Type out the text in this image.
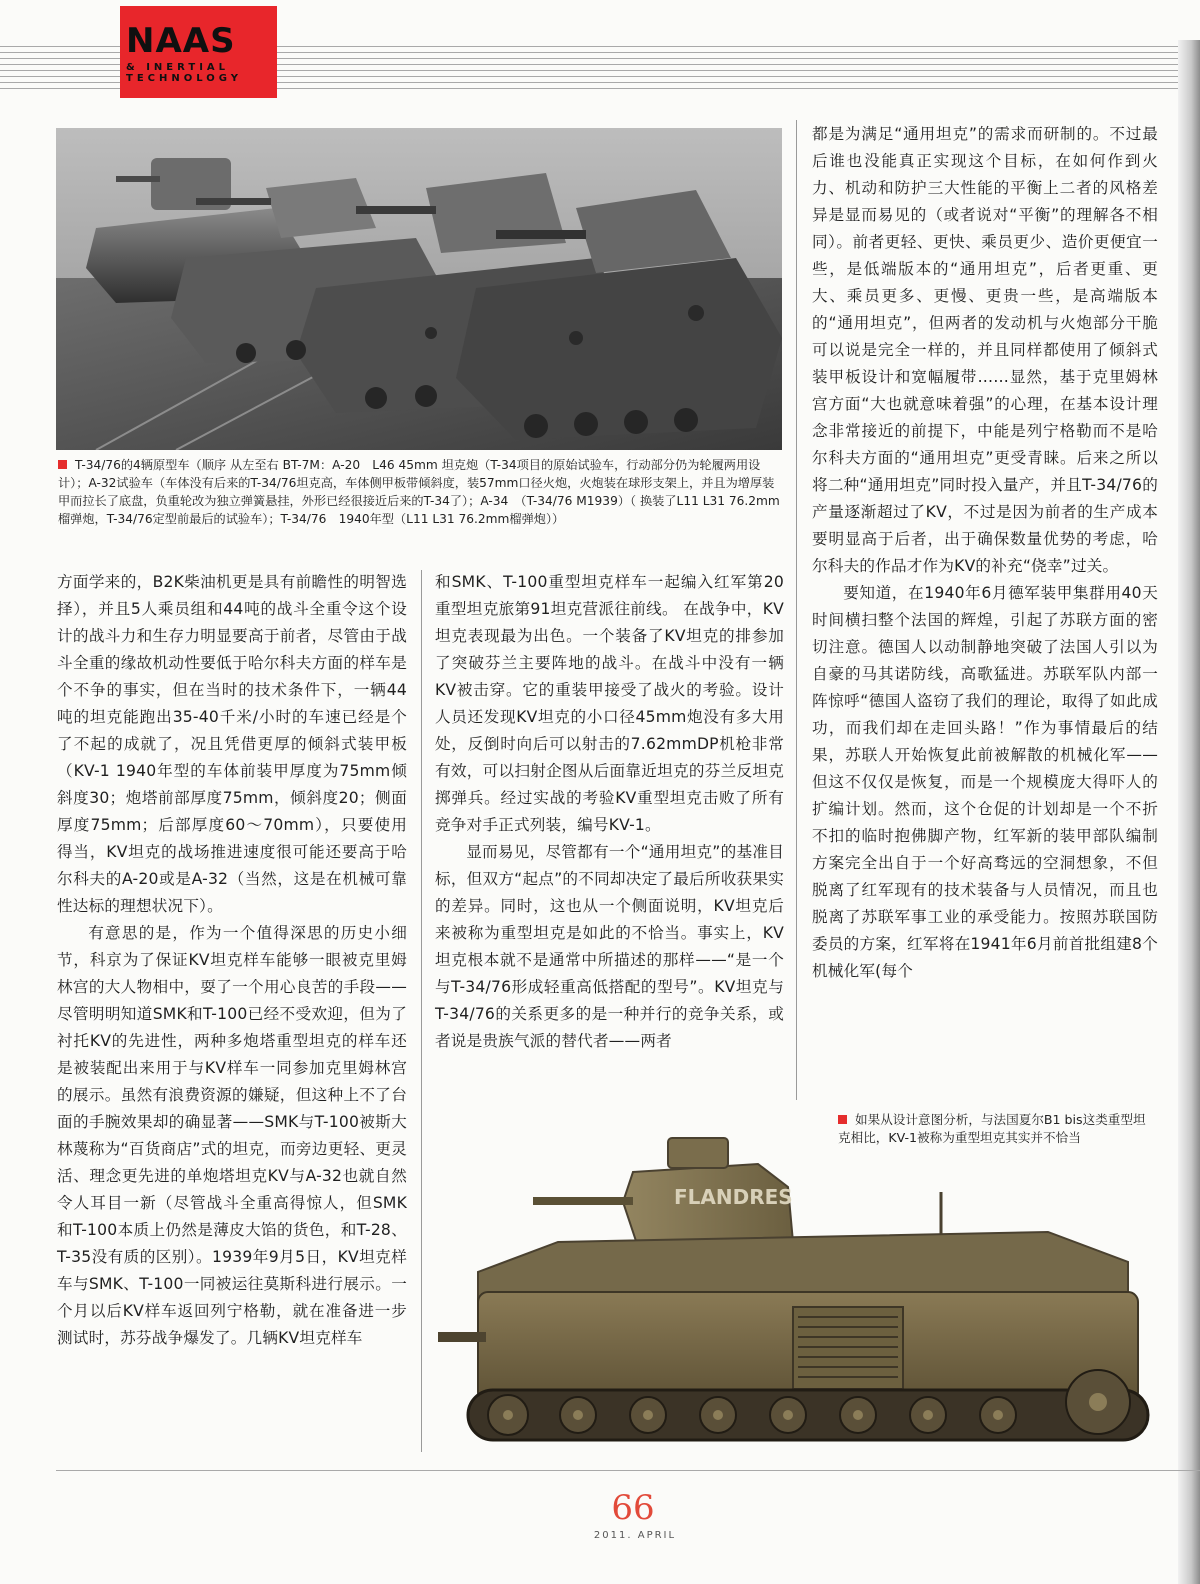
NAAS
& INERTIAL
TECHNOLOGY
T-34/76的4辆原型车（顺序 从左至右 BT-7M：A-20　L46 45mm 坦克炮（T-34项目的原始试验车，行动部分仍为轮履两用设计）；A-32试验车（车体没有后来的T-34/76坦克高，车体侧甲板带倾斜度，装57mm口径火炮，火炮装在球形支架上，并且为增厚装甲而拉长了底盘，负重轮改为独立弹簧悬挂，外形已经很接近后来的T-34了）；A-34　（T-34/76 M1939）（ 换装了L11 L31 76.2mm榴弹炮，T-34/76定型前最后的试验车）；T-34/76　1940年型（L11 L31 76.2mm榴弹炮））

方面学来的，B2K柴油机更是具有前瞻性的明智选择），并且5人乘员组和44吨的战斗全重令这个设计的战斗力和生存力明显要高于前者，尽管由于战斗全重的缘故机动性要低于哈尔科夫方面的样车是个不争的事实，但在当时的技术条件下，一辆44吨的坦克能跑出35-40千米/小时的车速已经是个了不起的成就了，况且凭借更厚的倾斜式装甲板（KV-1 1940年型的车体前装甲厚度为75mm倾斜度30；炮塔前部厚度75mm，倾斜度20；侧面厚度75mm；后部厚度60～70mm），只要使用得当，KV坦克的战场推进速度很可能还要高于哈尔科夫的A-20或是A-32（当然，这是在机械可靠性达标的理想状况下）。

有意思的是，作为一个值得深思的历史小细节，科京为了保证KV坦克样车能够一眼被克里姆林宫的大人物相中，耍了一个用心良苦的手段——尽管明明知道SMK和T-100已经不受欢迎，但为了衬托KV的先进性，两种多炮塔重型坦克的样车还是被装配出来用于与KV样车一同参加克里姆林宫的展示。虽然有浪费资源的嫌疑，但这种上不了台面的手腕效果却的确显著——SMK与T-100被斯大林蔑称为“百货商店”式的坦克，而旁边更轻、更灵活、理念更先进的单炮塔坦克KV与A-32也就自然令人耳目一新（尽管战斗全重高得惊人，但SMK和T-100本质上仍然是薄皮大馅的货色，和T-28、T-35没有质的区别）。1939年9月5日，KV坦克样车与SMK、T-100一同被运往莫斯科进行展示。一个月以后KV样车返回列宁格勒，就在准备进一步测试时，苏芬战争爆发了。几辆KV坦克样车

和SMK、T-100重型坦克样车一起编入红军第20重型坦克旅第91坦克营派往前线。 在战争中，KV坦克表现最为出色。一个装备了KV坦克的排参加了突破芬兰主要阵地的战斗。在战斗中没有一辆KV被击穿。它的重装甲接受了战火的考验。设计人员还发现KV坦克的小口径45mm炮没有多大用处，反倒时向后可以射击的7.62mmDP机枪非常有效，可以扫射企图从后面靠近坦克的芬兰反坦克掷弹兵。经过实战的考验KV重型坦克击败了所有竞争对手正式列装，编号KV-1。

显而易见，尽管都有一个“通用坦克”的基准目标，但双方“起点”的不同却决定了最后所收获果实的差异。同时，这也从一个侧面说明，KV坦克后来被称为重型坦克是如此的不恰当。事实上，KV坦克根本就不是通常中所描述的那样——“是一个与T-34/76形成轻重高低搭配的型号”。KV坦克与T-34/76的关系更多的是一种并行的竞争关系，或者说是贵族气派的替代者——两者

都是为满足“通用坦克”的需求而研制的。不过最后谁也没能真正实现这个目标，在如何作到火力、机动和防护三大性能的平衡上二者的风格差异是显而易见的（或者说对“平衡”的理解各不相同）。前者更轻、更快、乘员更少、造价更便宜一些，是低端版本的“通用坦克”，后者更重、更大、乘员更多、更慢、更贵一些，是高端版本的“通用坦克”，但两者的发动机与火炮部分干脆可以说是完全一样的，并且同样都使用了倾斜式装甲板设计和宽幅履带……显然，基于克里姆林宫方面“大也就意味着强”的心理，在基本设计理念非常接近的前提下，中能是列宁格勒而不是哈尔科夫方面的“通用坦克”更受青睐。后来之所以将二种“通用坦克”同时投入量产，并且T-34/76的产量逐渐超过了KV，不过是因为前者的生产成本要明显高于后者，出于确保数量优势的考虑，哈尔科夫的作品才作为KV的补充“侥幸”过关。

要知道，在1940年6月德军装甲集群用40天时间横扫整个法国的辉煌，引起了苏联方面的密切注意。德国人以动制静地突破了法国人引以为自豪的马其诺防线，高歌猛进。苏联军队内部一阵惊呼“德国人盗窃了我们的理论，取得了如此成功，而我们却在走回头路！”作为事情最后的结果，苏联人开始恢复此前被解散的机械化军——但这不仅仅是恢复，而是一个规模庞大得吓人的扩编计划。然而，这个仓促的计划却是一个不折不扣的临时抱佛脚产物，红军新的装甲部队编制方案完全出自于一个好高骛远的空洞想象，不但脱离了红军现有的技术装备与人员情况，而且也脱离了苏联军事工业的承受能力。按照苏联国防委员的方案，红军将在1941年6月前首批组建8个机械化军(每个

如果从设计意图分析，与法国夏尔B1 bis这类重型坦克相比，KV-1被称为重型坦克其实并不恰当
FLANDRES
66
2011. APRIL
